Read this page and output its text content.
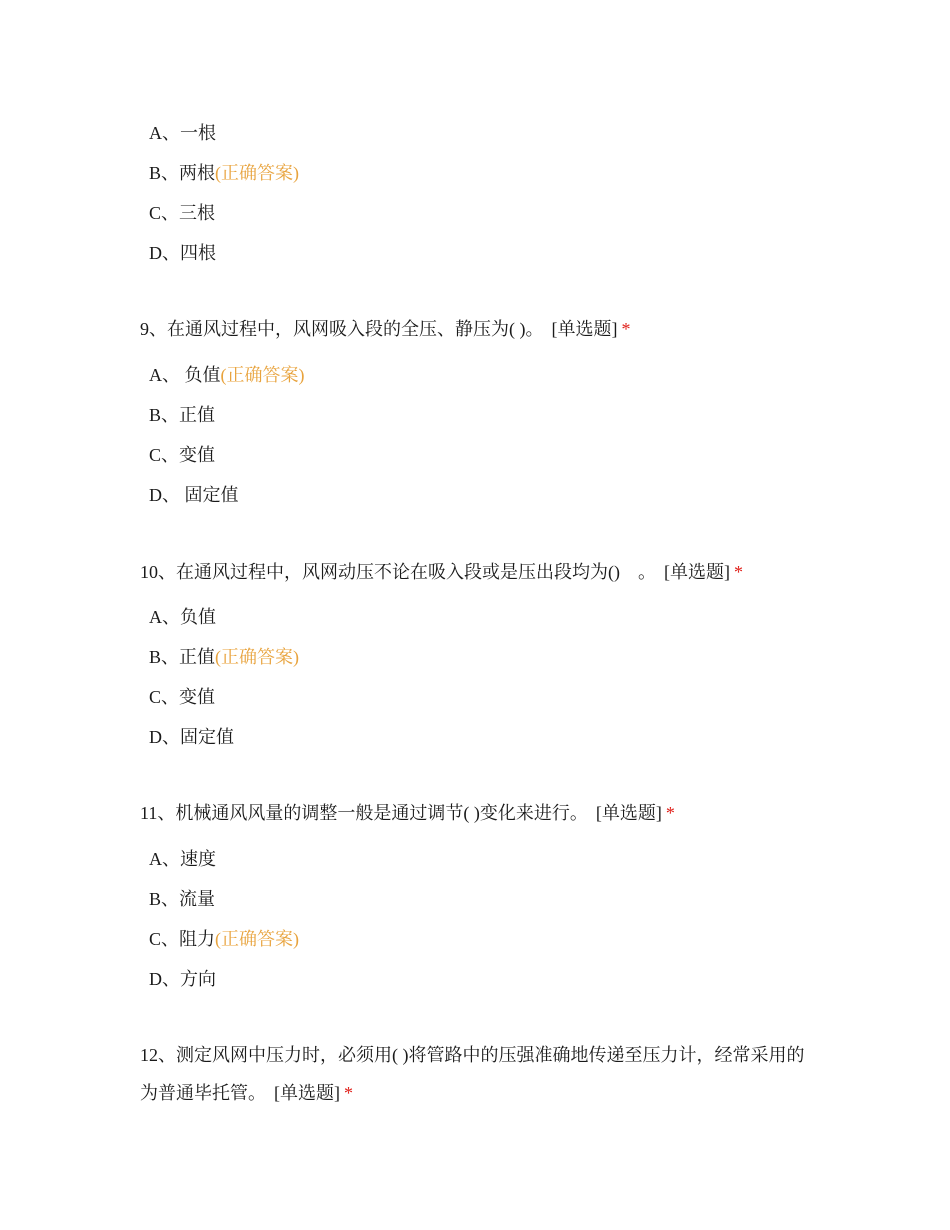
A、一根
B、两根(正确答案)
C、三根
D、四根
9、在通风过程中，风网吸入段的全压、静压为( )。 [单选题] *
A、 负值(正确答案)
B、正值
C、变值
D、 固定值
10、在通风过程中，风网动压不论在吸入段或是压出段均为()　。 [单选题] *
A、负值
B、正值(正确答案)
C、变值
D、固定值
11、机械通风风量的调整一般是通过调节( )变化来进行。 [单选题] *
A、速度
B、流量
C、阻力(正确答案)
D、方向
12、测定风网中压力时，必须用( )将管路中的压强准确地传递至压力计，经常采用的为普通毕托管。 [单选题] *
